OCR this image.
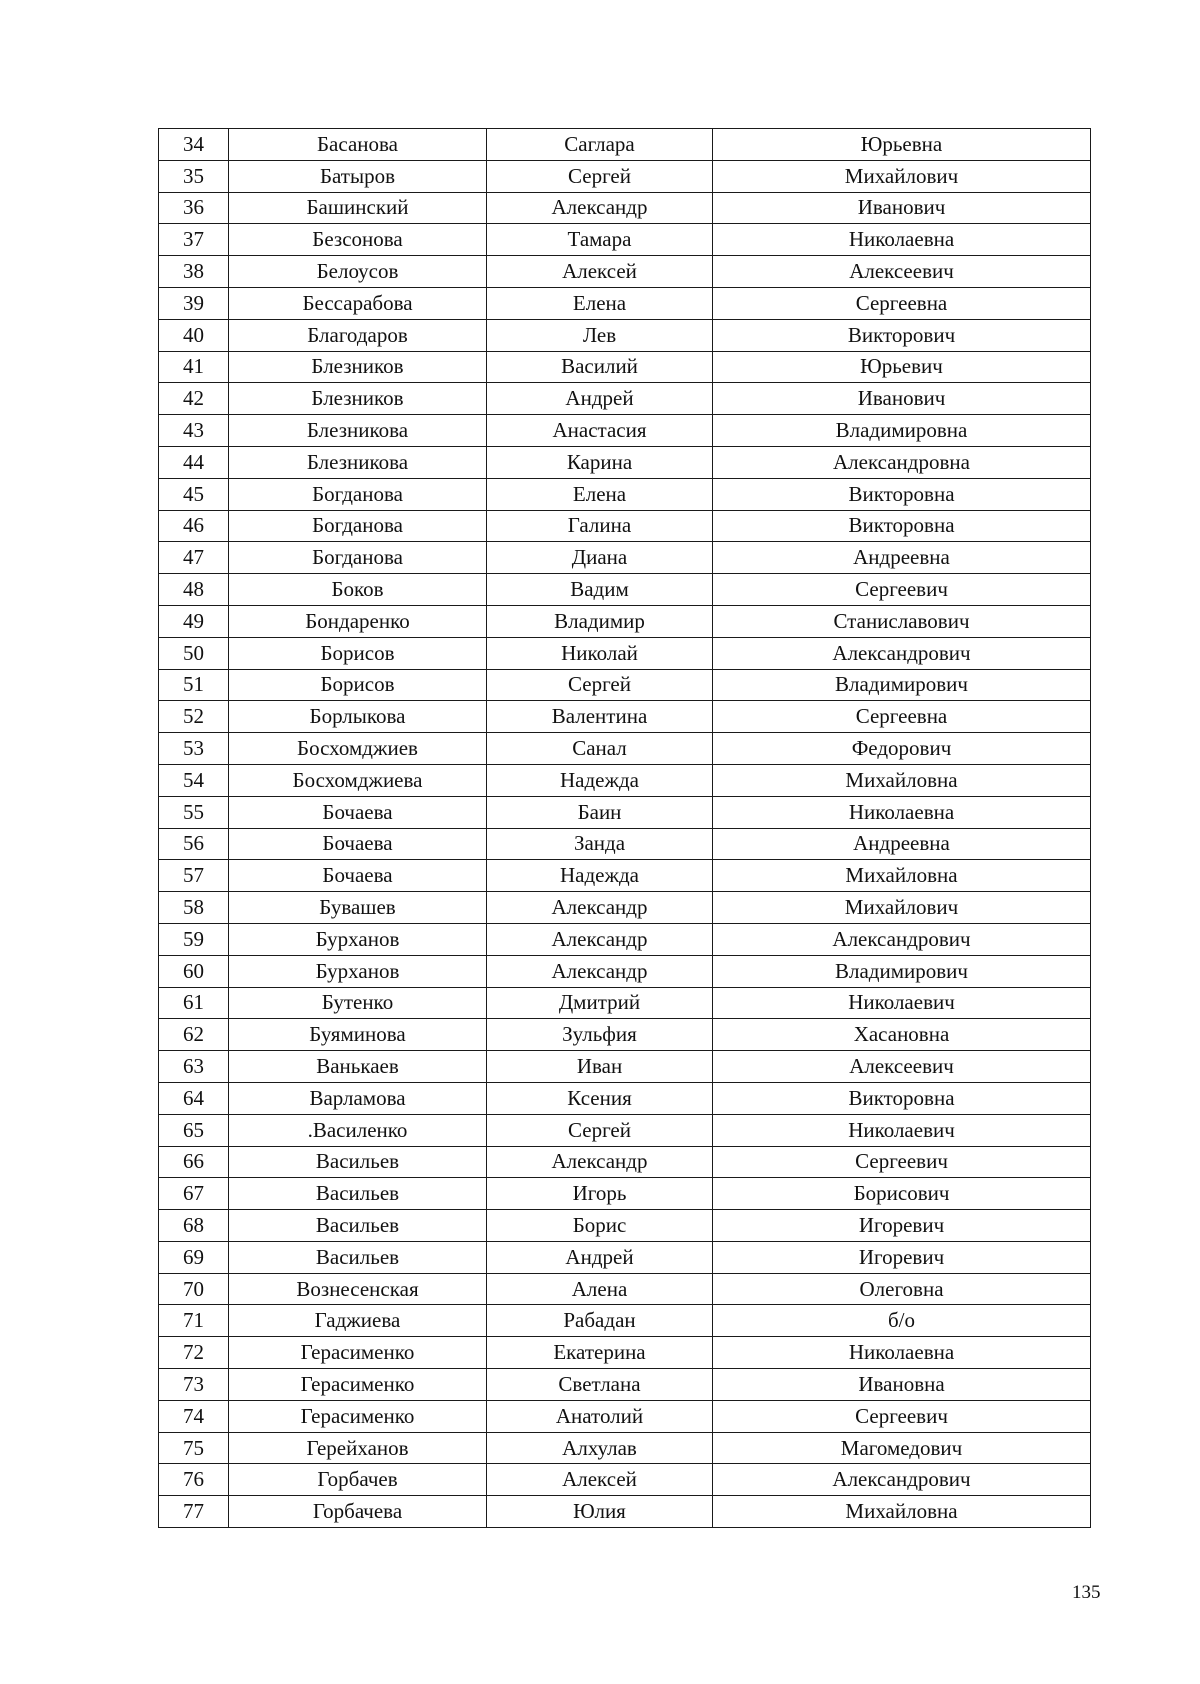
34	Басанова	Саглара	Юрьевна
35	Батыров	Сергей	Михайлович
36	Башинский	Александр	Иванович
37	Безсонова	Тамара	Николаевна
38	Белоусов	Алексей	Алексеевич
39	Бессарабова	Елена	Сергеевна
40	Благодаров	Лев	Викторович
41	Блезников	Василий	Юрьевич
42	Блезников	Андрей	Иванович
43	Блезникова	Анастасия	Владимировна
44	Блезникова	Карина	Александровна
45	Богданова	Елена	Викторовна
46	Богданова	Галина	Викторовна
47	Богданова	Диана	Андреевна
48	Боков	Вадим	Сергеевич
49	Бондаренко	Владимир	Станиславович
50	Борисов	Николай	Александрович
51	Борисов	Сергей	Владимирович
52	Борлыкова	Валентина	Сергеевна
53	Босхомджиев	Санал	Федорович
54	Босхомджиева	Надежда	Михайловна
55	Бочаева	Баин	Николаевна
56	Бочаева	Занда	Андреевна
57	Бочаева	Надежда	Михайловна
58	Бувашев	Александр	Михайлович
59	Бурханов	Александр	Александрович
60	Бурханов	Александр	Владимирович
61	Бутенко	Дмитрий	Николаевич
62	Буяминова	Зульфия	Хасановна
63	Ванькаев	Иван	Алексеевич
64	Варламова	Ксения	Викторовна
65	.Василенко	Сергей	Николаевич
66	Васильев	Александр	Сергеевич
67	Васильев	Игорь	Борисович
68	Васильев	Борис	Игоревич
69	Васильев	Андрей	Игоревич
70	Вознесенская	Алена	Олеговна
71	Гаджиева	Рабадан	б/о
72	Герасименко	Екатерина	Николаевна
73	Герасименко	Светлана	Ивановна
74	Герасименко	Анатолий	Сергеевич
75	Герейханов	Алхулав	Магомедович
76	Горбачев	Алексей	Александрович
77	Горбачева	Юлия	Михайловна
135
